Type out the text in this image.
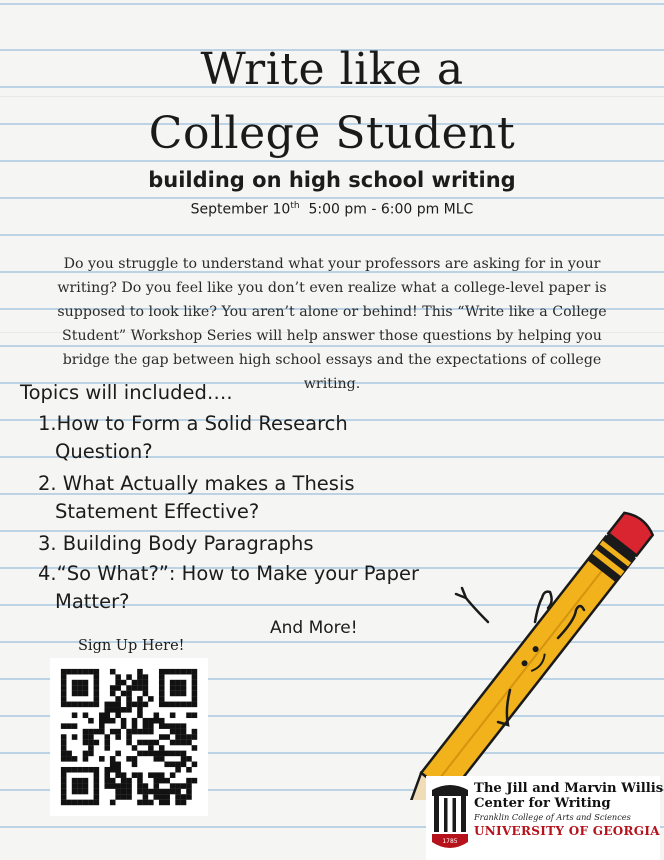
Write like a
College Student
building on high school writing
September 10th 5:00 pm - 6:00 pm MLC

Do you struggle to understand what your professors are asking for in your writing? Do you feel like you don’t even realize what a college-level paper is supposed to look like? You aren’t alone or behind! This “Write like a College Student” Workshop Series will help answer those questions by helping you bridge the gap between high school essays and the expectations of college writing.

Topics will included….
1.How to Form a Solid Research
Question?
2. What Actually makes a Thesis
Statement Effective?
3. Building Body Paragraphs
4.“So What?”: How to Make your Paper
Matter?
And More!
Sign Up Here!
1785
The Jill and Marvin Willis
Center for Writing
Franklin College of Arts and Sciences
UNIVERSITY OF GEORGIA
